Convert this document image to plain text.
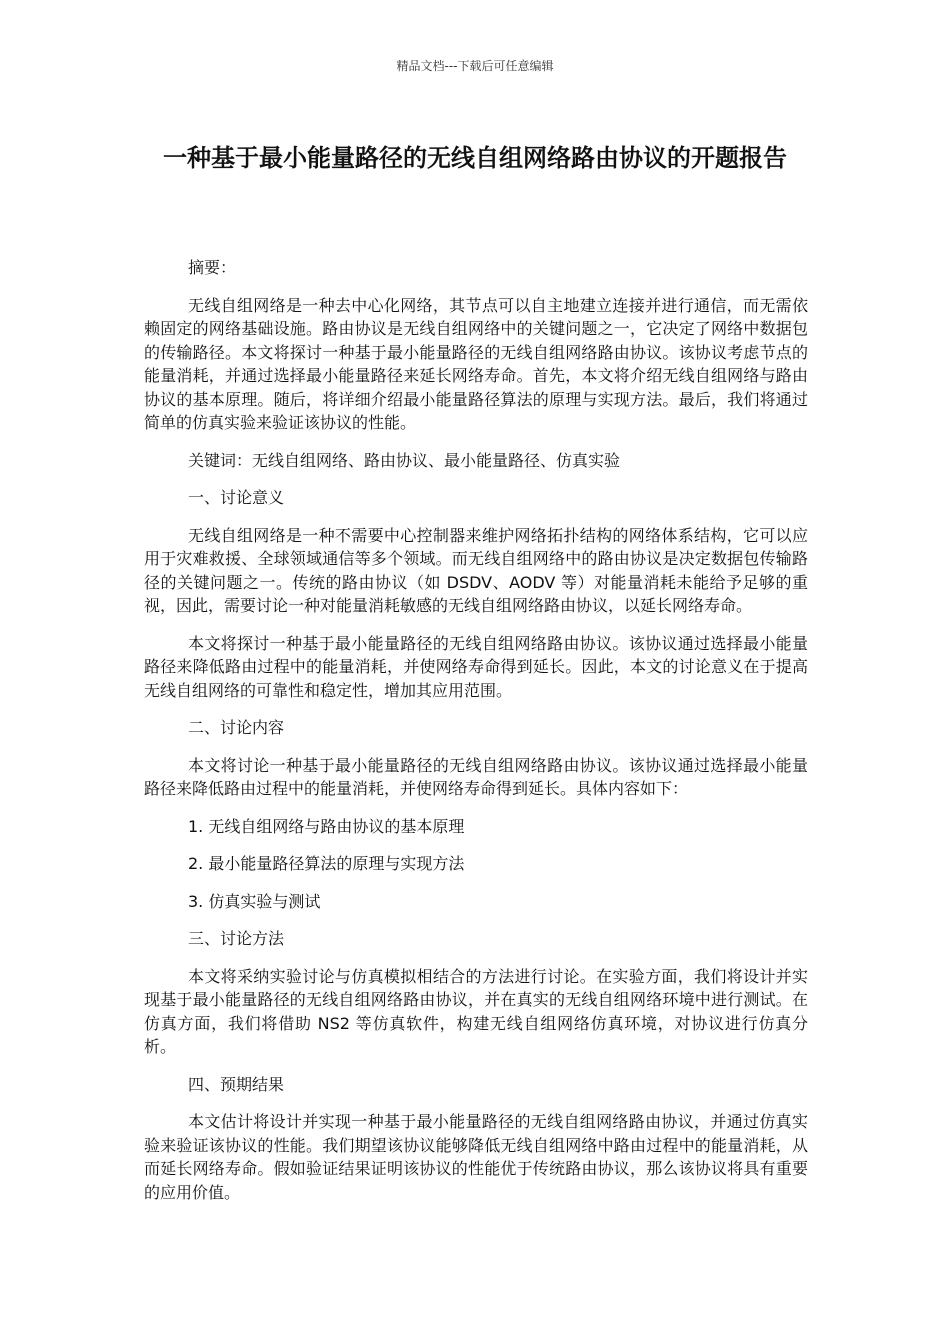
精品文档---下载后可任意编辑
一种基于最小能量路径的无线自组网络路由协议的开题报告

摘要：

无线自组网络是一种去中心化网络，其节点可以自主地建立连接并进行通信，而无需依赖固定的网络基础设施。路由协议是无线自组网络中的关键问题之一，它决定了网络中数据包的传输路径。本文将探讨一种基于最小能量路径的无线自组网络路由协议。该协议考虑节点的能量消耗，并通过选择最小能量路径来延长网络寿命。首先，本文将介绍无线自组网络与路由协议的基本原理。随后，将详细介绍最小能量路径算法的原理与实现方法。最后，我们将通过简单的仿真实验来验证该协议的性能。

关键词：无线自组网络、路由协议、最小能量路径、仿真实验

一、讨论意义

无线自组网络是一种不需要中心控制器来维护网络拓扑结构的网络体系结构，它可以应用于灾难救援、全球领域通信等多个领域。而无线自组网络中的路由协议是决定数据包传输路径的关键问题之一。传统的路由协议（如 DSDV、AODV 等）对能量消耗未能给予足够的重视，因此，需要讨论一种对能量消耗敏感的无线自组网络路由协议，以延长网络寿命。

本文将探讨一种基于最小能量路径的无线自组网络路由协议。该协议通过选择最小能量路径来降低路由过程中的能量消耗，并使网络寿命得到延长。因此，本文的讨论意义在于提高无线自组网络的可靠性和稳定性，增加其应用范围。

二、讨论内容

本文将讨论一种基于最小能量路径的无线自组网络路由协议。该协议通过选择最小能量路径来降低路由过程中的能量消耗，并使网络寿命得到延长。具体内容如下：

1. 无线自组网络与路由协议的基本原理

2. 最小能量路径算法的原理与实现方法

3. 仿真实验与测试

三、讨论方法

本文将采纳实验讨论与仿真模拟相结合的方法进行讨论。在实验方面，我们将设计并实现基于最小能量路径的无线自组网络路由协议，并在真实的无线自组网络环境中进行测试。在仿真方面，我们将借助 NS2 等仿真软件，构建无线自组网络仿真环境，对协议进行仿真分析。

四、预期结果

本文估计将设计并实现一种基于最小能量路径的无线自组网络路由协议，并通过仿真实验来验证该协议的性能。我们期望该协议能够降低无线自组网络中路由过程中的能量消耗，从而延长网络寿命。假如验证结果证明该协议的性能优于传统路由协议，那么该协议将具有重要的应用价值。
